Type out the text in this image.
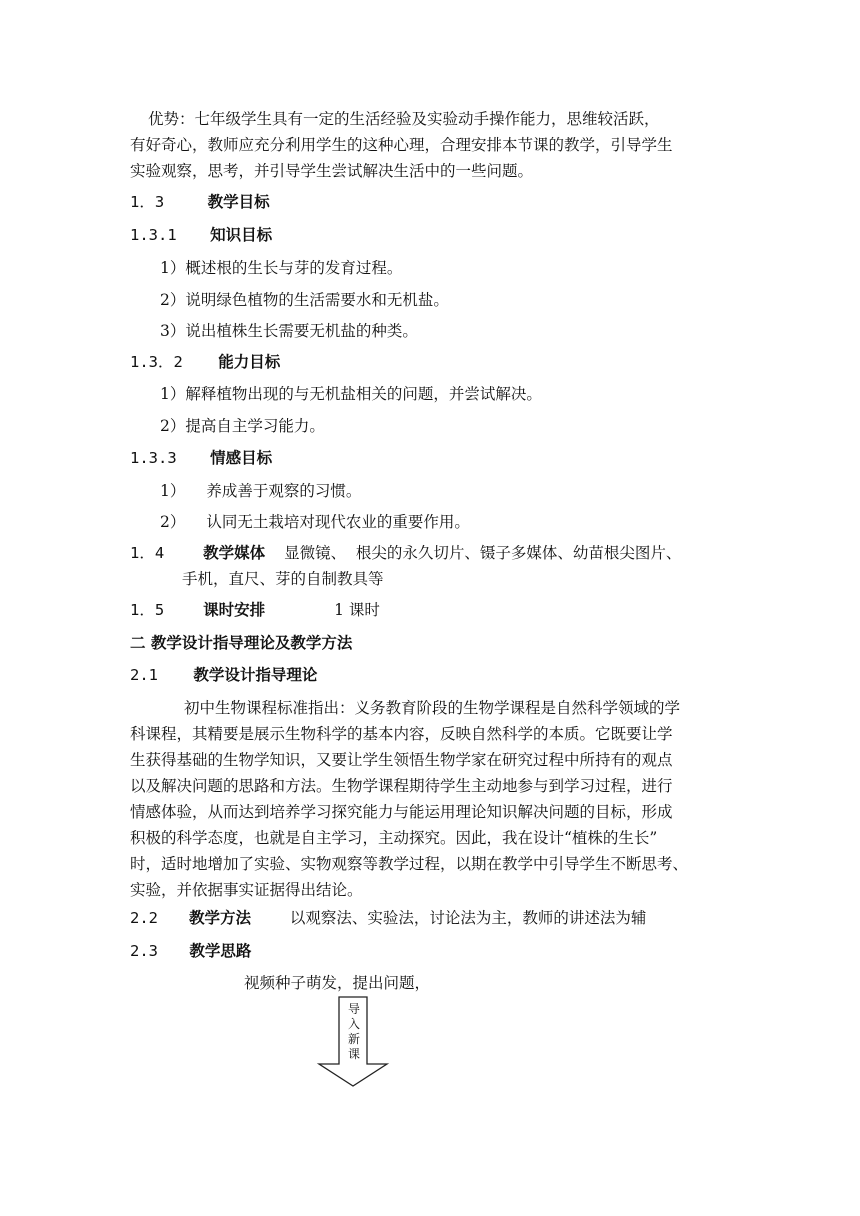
优势：七年级学生具有一定的生活经验及实验动手操作能力，思维较活跃，
有好奇心，教师应充分利用学生的这种心理，合理安排本节课的教学，引导学生
实验观察，思考，并引导学生尝试解决生活中的一些问题。
1．3	教学目标
1.3.1 知识目标
1）概述根的生长与芽的发育过程。
2）说明绿色植物的生活需要水和无机盐。
3）说出植株生长需要无机盐的种类。
1.3．2 能力目标
1）解释植物出现的与无机盐相关的问题，并尝试解决。
2）提高自主学习能力。
1.3.3 情感目标
1） 养成善于观察的习惯。
2） 认同无土栽培对现代农业的重要作用。
1．4	教学媒体 显微镜、  根尖的永久切片、镊子多媒体、幼苗根尖图片、
手机，直尺、芽的自制教具等
1．5	课时安排	1 课时
二 教学设计指导理论及教学方法
2.1 教学设计指导理论
初中生物课程标准指出：义务教育阶段的生物学课程是自然科学领域的学
科课程，其精要是展示生物科学的基本内容，反映自然科学的本质。它既要让学
生获得基础的生物学知识，又要让学生领悟生物学家在研究过程中所持有的观点
以及解决问题的思路和方法。生物学课程期待学生主动地参与到学习过程，进行
情感体验，从而达到培养学习探究能力与能运用理论知识解决问题的目标，形成
积极的科学态度，也就是自主学习，主动探究。因此，我在设计“植株的生长”
时，适时地增加了实验、实物观察等教学过程，以期在教学中引导学生不断思考、
实验，并依据事实证据得出结论。
2.2 教学方法	以观察法、实验法，讨论法为主，教师的讲述法为辅
2.3 教学思路
视频种子萌发，提出问题，
导
入
新
课
